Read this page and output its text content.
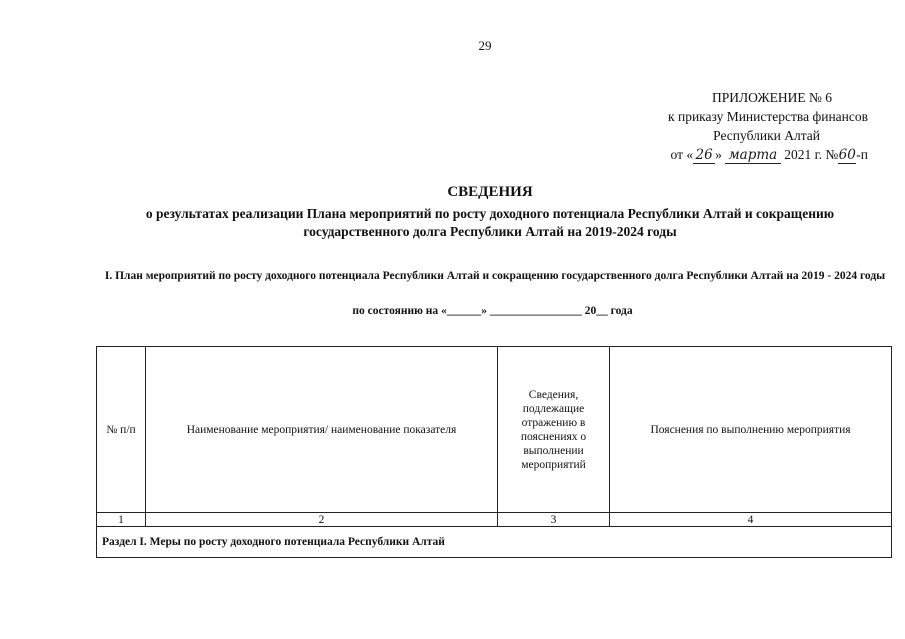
29
ПРИЛОЖЕНИЕ № 6
к приказу Министерства финансов
Республики Алтай
от « 26 » марта 2021 г. №60-п
СВЕДЕНИЯ
о результатах реализации Плана мероприятий по росту доходного потенциала Республики Алтай и сокращению государственного долга Республики Алтай на 2019-2024 годы
I. План мероприятий по росту доходного потенциала Республики Алтай и сокращению государственного долга Республики Алтай на 2019 - 2024 годы
по состоянию на «______» ________________ 20__ года
№ п/п	Наименование мероприятия/ наименование показателя	Сведения, подлежащие отражению в пояснениях о выполнении мероприятий	Пояснения по выполнению мероприятия
1	2	3	4
Раздел I. Меры по росту доходного потенциала Республики Алтай			
